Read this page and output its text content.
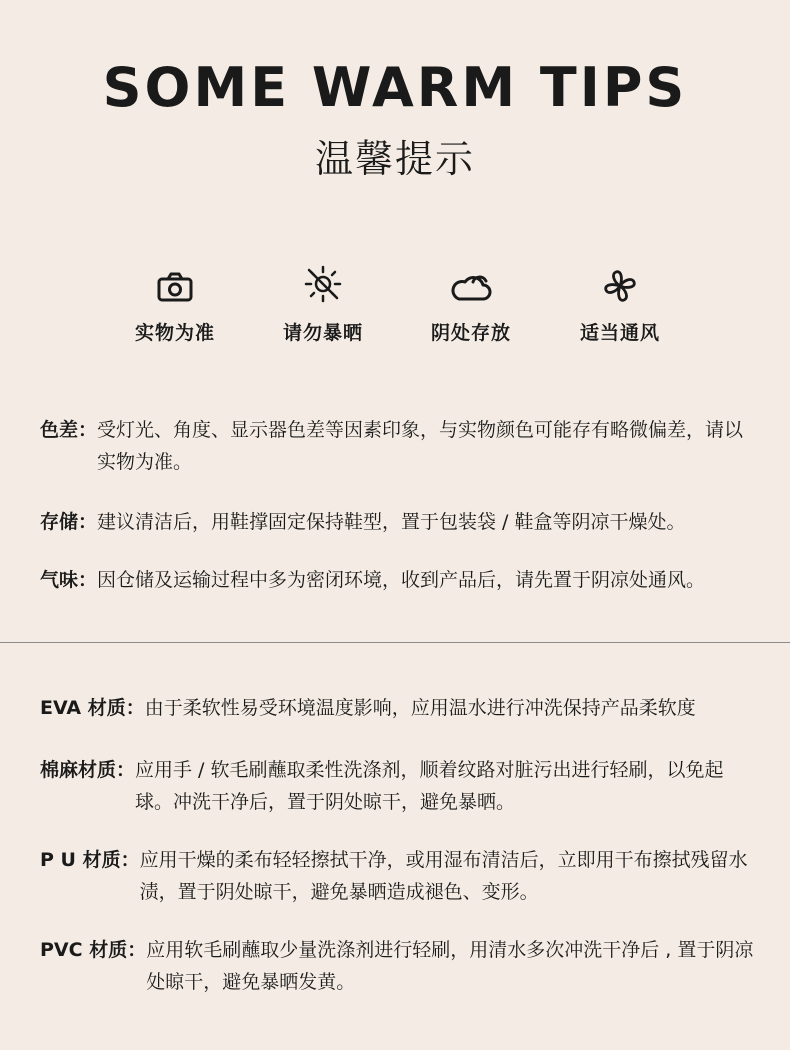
SOME WARM TIPS
温馨提示
实物为准	请勿暴晒	阴处存放	适当通风
色差： 受灯光、角度、显示器色差等因素印象，与实物颜色可能存有略微偏差，请以实物为准。
存储： 建议清洁后，用鞋撑固定保持鞋型，置于包装袋 / 鞋盒等阴凉干燥处。
气味： 因仓储及运输过程中多为密闭环境，收到产品后，请先置于阴凉处通风。
EVA 材质： 由于柔软性易受环境温度影响，应用温水进行冲洗保持产品柔软度
棉麻材质： 应用手 / 软毛刷蘸取柔性洗涤剂，顺着纹路对脏污出进行轻刷，以免起球。冲洗干净后，置于阴处晾干，避免暴晒。
P U 材质： 应用干燥的柔布轻轻擦拭干净，或用湿布清洁后，立即用干布擦拭残留水渍，置于阴处晾干，避免暴晒造成褪色、变形。
PVC 材质： 应用软毛刷蘸取少量洗涤剂进行轻刷，用清水多次冲洗干净后 , 置于阴凉处晾干，避免暴晒发黄。
